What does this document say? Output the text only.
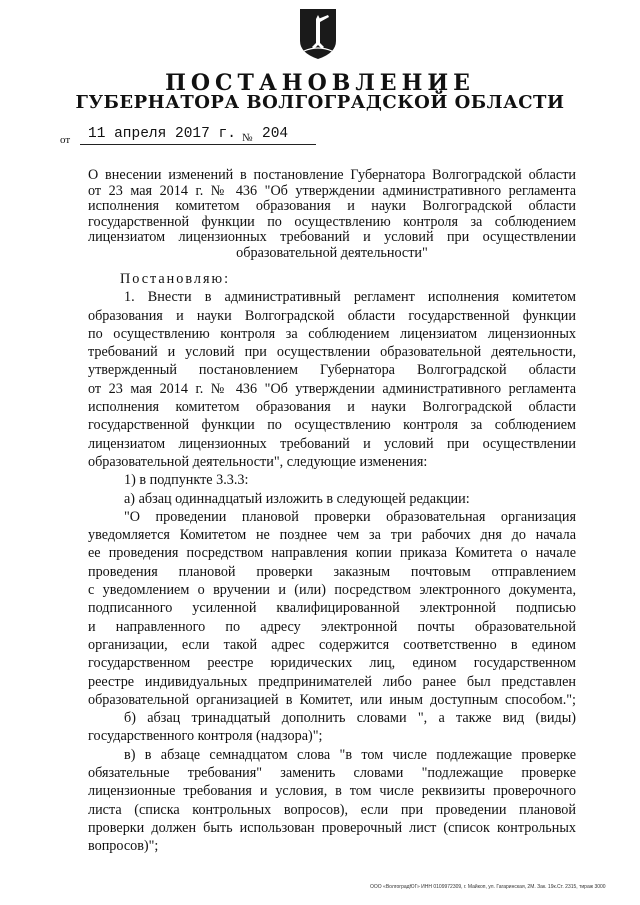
ПОСТАНОВЛЕНИЕ
ГУБЕРНАТОРА ВОЛГОГРАДСКОЙ ОБЛАСТИ
от 11 апреля 2017 г. № 204
О внесении изменений в постановление Губернатора Волгоградской области
от 23 мая 2014 г. № 436 "Об утверждении административного регламента
исполнения комитетом образования и науки Волгоградской области
государственной функции по осуществлению контроля за соблюдением
лицензиатом лицензионных требований и условий при осуществлении
образовательной деятельности"
Постановляю:
1. Внести в административный регламент исполнения комитетом
образования и науки Волгоградской области государственной функции
по осуществлению контроля за соблюдением лицензиатом лицензионных
требований и условий при осуществлении образовательной деятельности,
утвержденный постановлением Губернатора Волгоградской области
от 23 мая 2014 г. № 436 "Об утверждении административного регламента
исполнения комитетом образования и науки Волгоградской области
государственной функции по осуществлению контроля за соблюдением
лицензиатом лицензионных требований и условий при осуществлении
образовательной деятельности", следующие изменения:
1) в подпункте 3.3.3:
а) абзац одиннадцатый изложить в следующей редакции:
"О проведении плановой проверки образовательная организация
уведомляется Комитетом не позднее чем за три рабочих дня до начала
ее проведения посредством направления копии приказа Комитета о начале
проведения плановой проверки заказным почтовым отправлением
с уведомлением о вручении и (или) посредством электронного документа,
подписанного усиленной квалифицированной электронной подписью
и направленного по адресу электронной почты образовательной
организации, если такой адрес содержится соответственно в едином
государственном реестре юридических лиц, едином государственном
реестре индивидуальных предпринимателей либо ранее был представлен
образовательной организацией в Комитет, или иным доступным способом.";
б) абзац тринадцатый дополнить словами ", а также вид (виды)
государственного контроля (надзора)";
в) в абзаце семнадцатом слова "в том числе подлежащие проверке
обязательные требования" заменить словами "подлежащие проверке
лицензионные требования и условия, в том числе реквизиты проверочного
листа (списка контрольных вопросов), если при проведении плановой
проверки должен быть использован проверочный лист (список контрольных
вопросов)";
ООО «ВолгоградЮГ» ИНН 0109972309, г. Майкоп, ул. Гагаринская, 2М. Зак. 19к.Ст. 2315, тираж 3000
